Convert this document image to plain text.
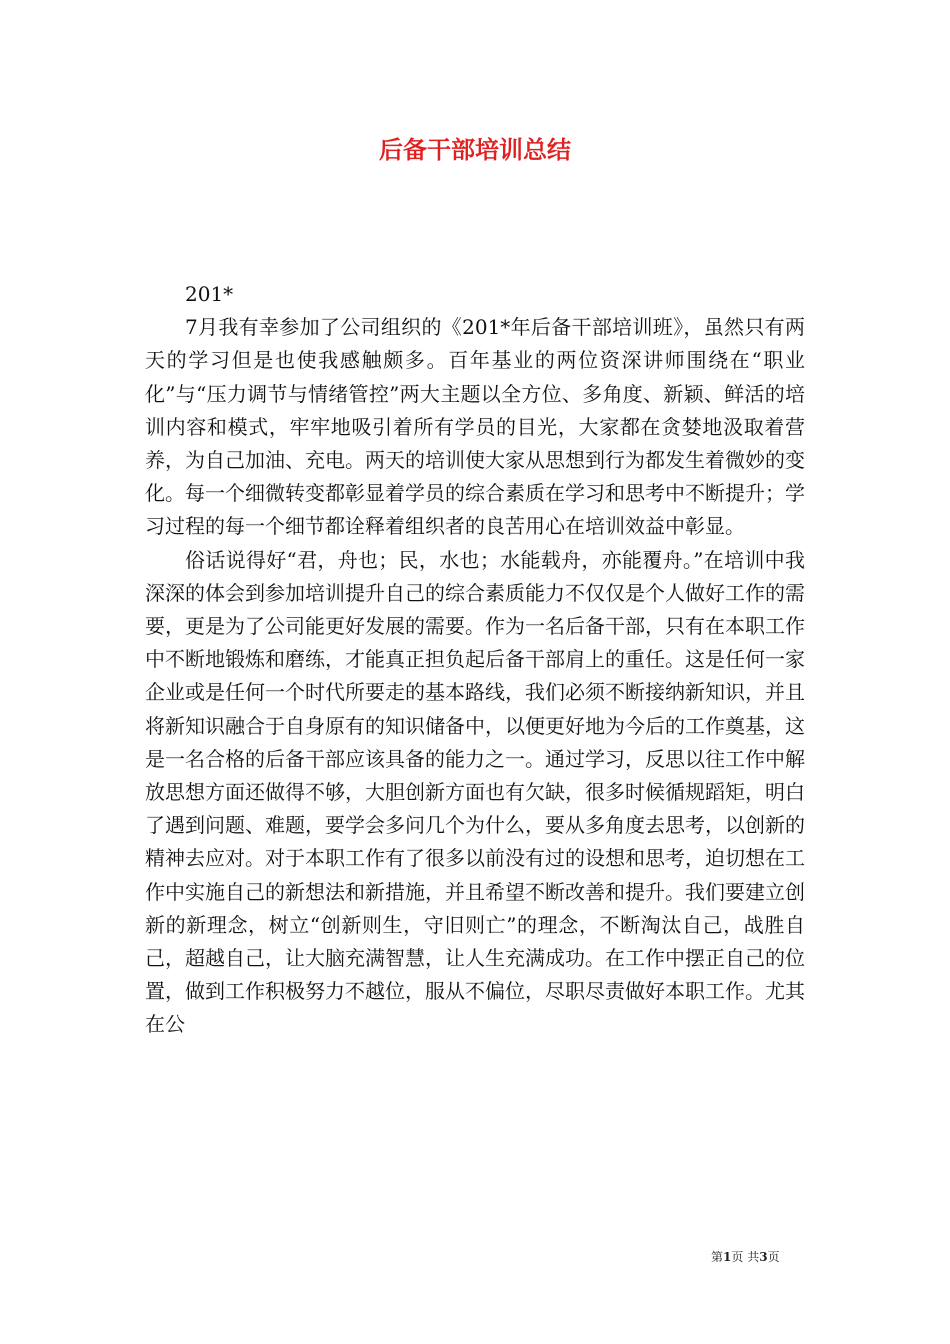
后备干部培训总结

201*

7月我有幸参加了公司组织的《201*年后备干部培训班》，虽然只有两天的学习但是也使我感触颇多。百年基业的两位资深讲师围绕在“职业化”与“压力调节与情绪管控”两大主题以全方位、多角度、新颖、鲜活的培训内容和模式，牢牢地吸引着所有学员的目光，大家都在贪婪地汲取着营养，为自己加油、充电。两天的培训使大家从思想到行为都发生着微妙的变化。每一个细微转变都彰显着学员的综合素质在学习和思考中不断提升；学习过程的每一个细节都诠释着组织者的良苦用心在培训效益中彰显。

俗话说得好“君，舟也；民，水也；水能载舟，亦能覆舟。”在培训中我深深的体会到参加培训提升自己的综合素质能力不仅仅是个人做好工作的需要，更是为了公司能更好发展的需要。作为一名后备干部，只有在本职工作中不断地锻炼和磨练，才能真正担负起后备干部肩上的重任。这是任何一家企业或是任何一个时代所要走的基本路线，我们必须不断接纳新知识，并且将新知识融合于自身原有的知识储备中，以便更好地为今后的工作奠基，这是一名合格的后备干部应该具备的能力之一。通过学习，反思以往工作中解放思想方面还做得不够，大胆创新方面也有欠缺，很多时候循规蹈矩，明白了遇到问题、难题，要学会多问几个为什么，要从多角度去思考，以创新的精神去应对。对于本职工作有了很多以前没有过的设想和思考，迫切想在工作中实施自己的新想法和新措施，并且希望不断改善和提升。我们要建立创新的新理念，树立“创新则生，守旧则亡”的理念，不断淘汰自己，战胜自己，超越自己，让大脑充满智慧，让人生充满成功。在工作中摆正自己的位置，做到工作积极努力不越位，服从不偏位，尽职尽责做好本职工作。尤其在公

第1页 共3页
